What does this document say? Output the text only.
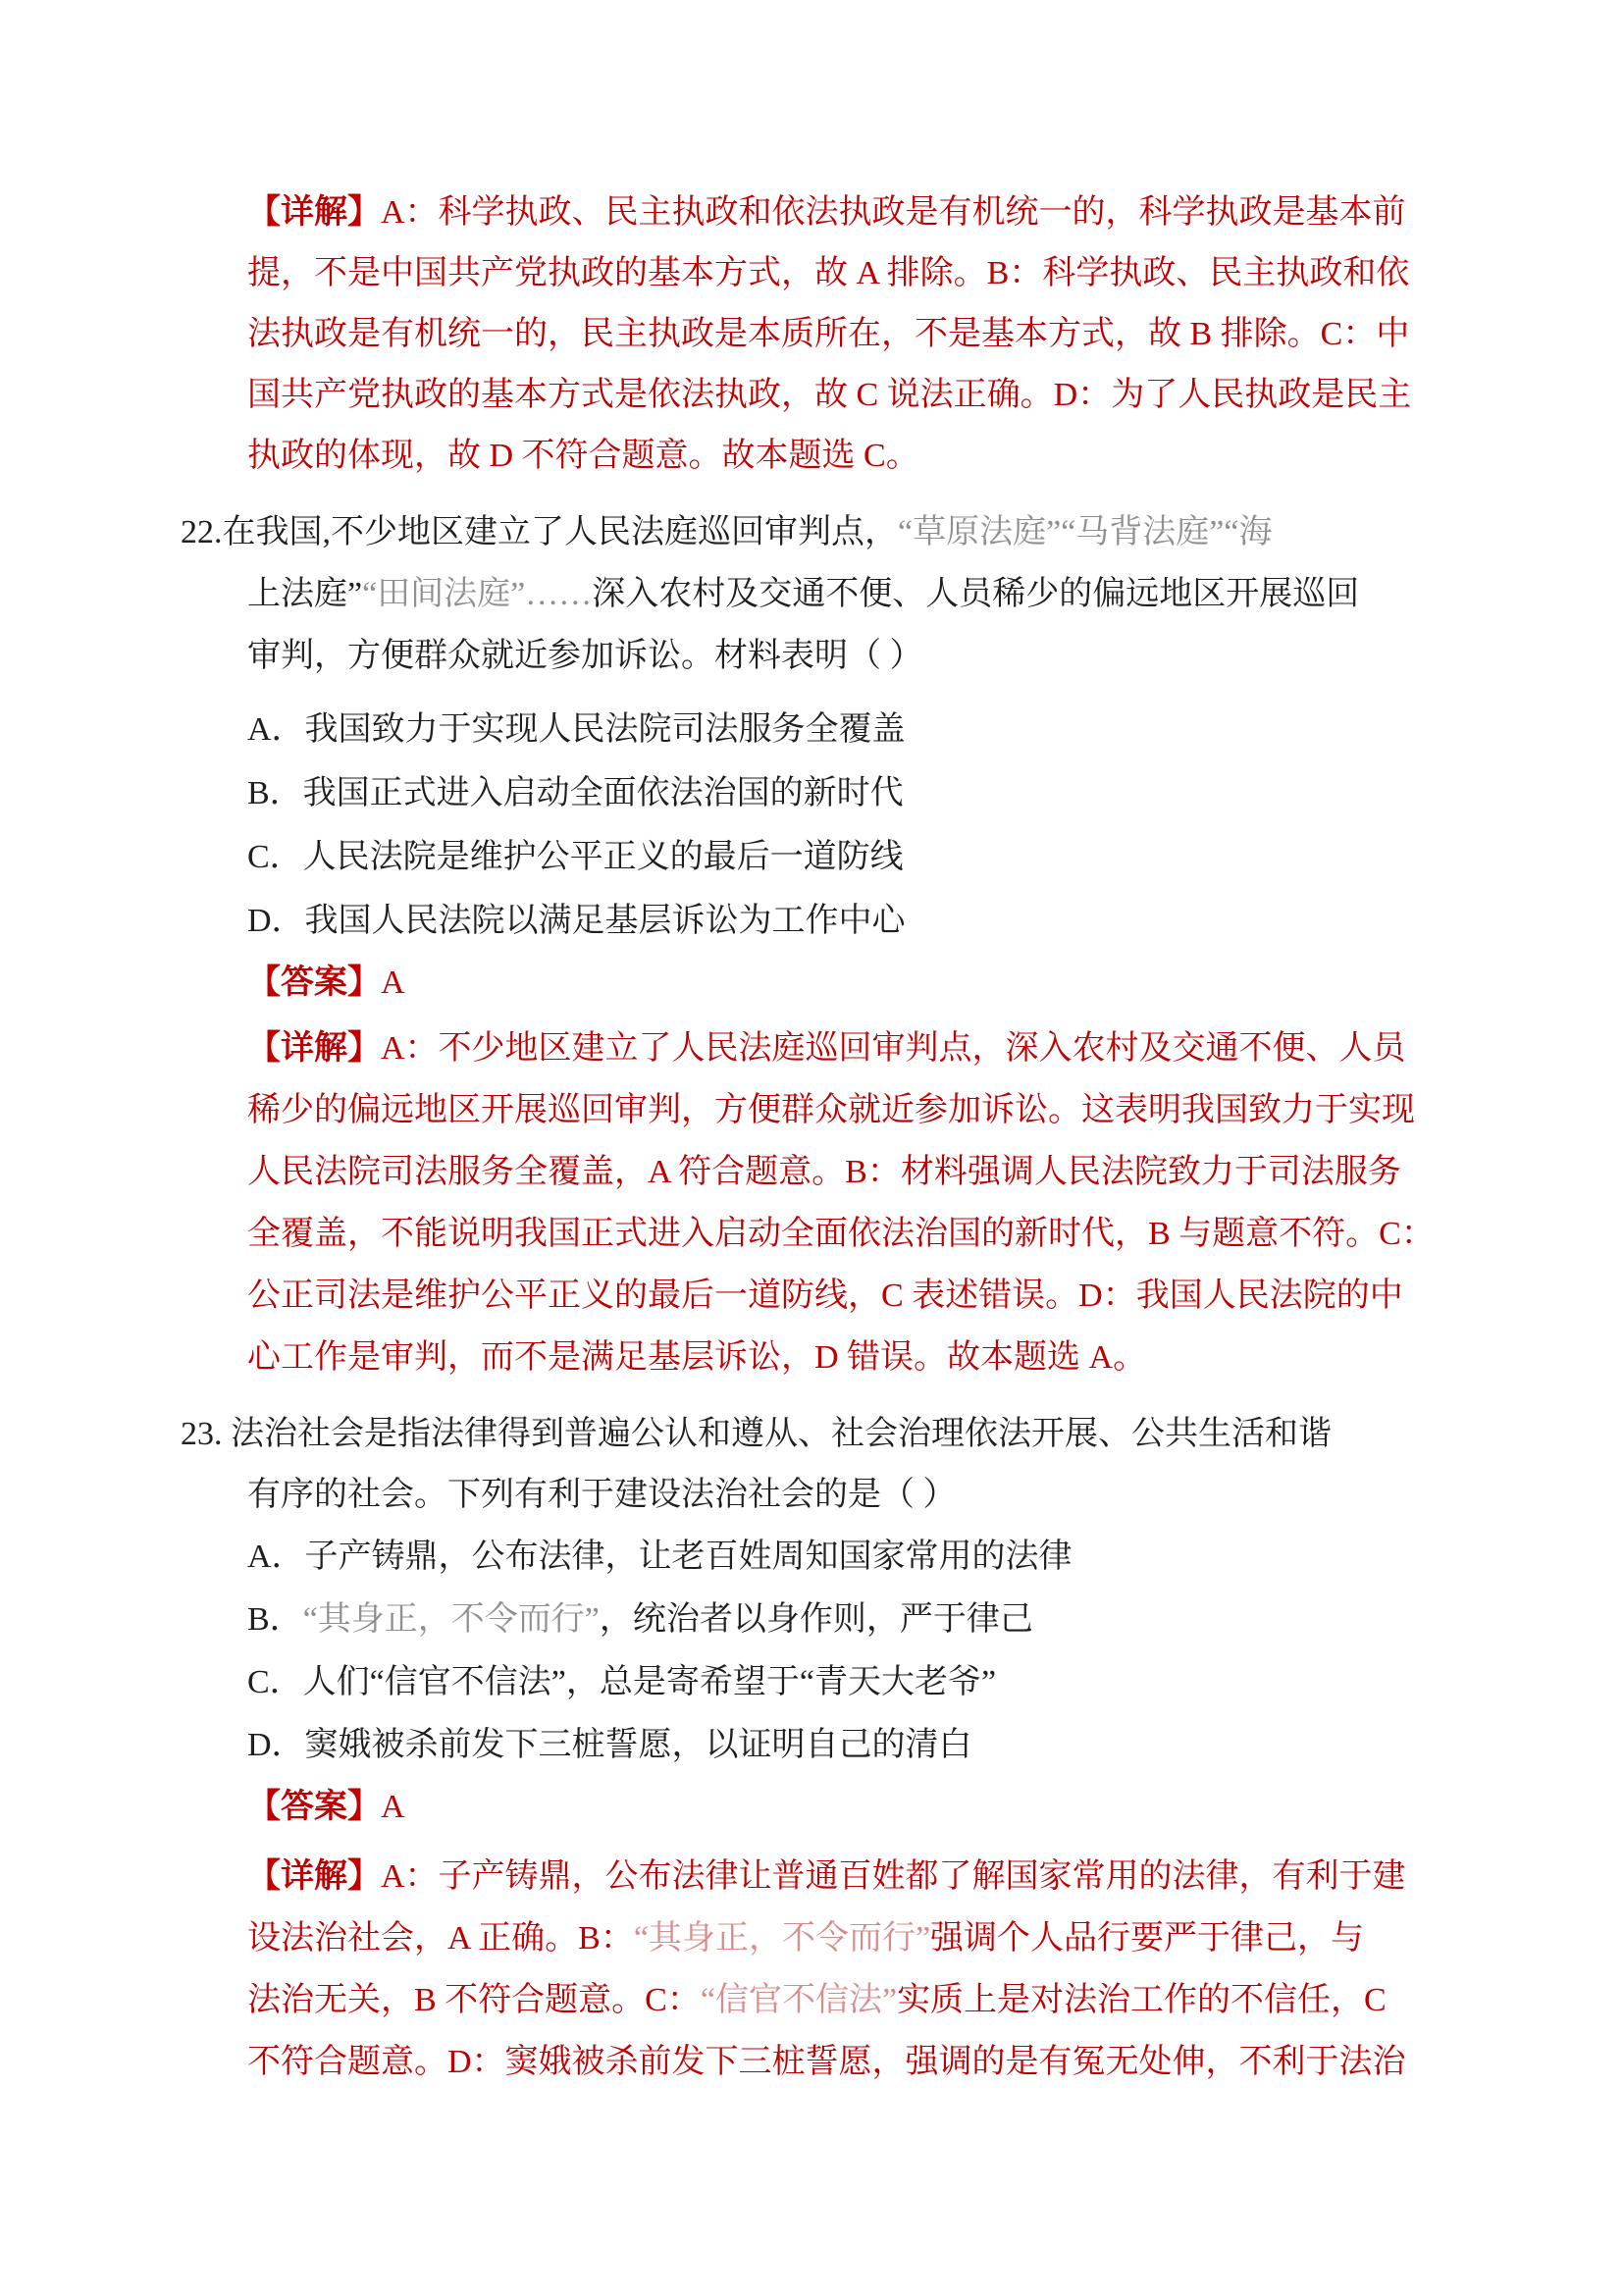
【详解】A：科学执政、民主执政和依法执政是有机统一的，科学执政是基本前
提，不是中国共产党执政的基本方式，故 A 排除。B：科学执政、民主执政和依
法执政是有机统一的，民主执政是本质所在，不是基本方式，故 B 排除。C：中
国共产党执政的基本方式是依法执政，故 C 说法正确。D：为了人民执政是民主
执政的体现，故 D 不符合题意。故本题选 C。
22.在我国,不少地区建立了人民法庭巡回审判点，“草原法庭”“马背法庭”“海
上法庭”“田间法庭”……深入农村及交通不便、人员稀少的偏远地区开展巡回
审判，方便群众就近参加诉讼。材料表明（ ）
A．我国致力于实现人民法院司法服务全覆盖
B．我国正式进入启动全面依法治国的新时代
C．人民法院是维护公平正义的最后一道防线
D．我国人民法院以满足基层诉讼为工作中心
【答案】A
【详解】A：不少地区建立了人民法庭巡回审判点，深入农村及交通不便、人员
稀少的偏远地区开展巡回审判，方便群众就近参加诉讼。这表明我国致力于实现
人民法院司法服务全覆盖，A 符合题意。B：材料强调人民法院致力于司法服务
全覆盖，不能说明我国正式进入启动全面依法治国的新时代，B 与题意不符。C：
公正司法是维护公平正义的最后一道防线，C 表述错误。D：我国人民法院的中
心工作是审判，而不是满足基层诉讼，D 错误。故本题选 A。
23. 法治社会是指法律得到普遍公认和遵从、社会治理依法开展、公共生活和谐
有序的社会。下列有利于建设法治社会的是（ ）
A．子产铸鼎，公布法律，让老百姓周知国家常用的法律
B．“其身正，不令而行”，统治者以身作则，严于律己
C．人们“信官不信法”，总是寄希望于“青天大老爷”
D．窦娥被杀前发下三桩誓愿，以证明自己的清白
【答案】A
【详解】A：子产铸鼎，公布法律让普通百姓都了解国家常用的法律，有利于建
设法治社会，A 正确。B：“其身正，不令而行”强调个人品行要严于律己，与
法治无关，B 不符合题意。C：“信官不信法”实质上是对法治工作的不信任，C
不符合题意。D：窦娥被杀前发下三桩誓愿，强调的是有冤无处伸，不利于法治
